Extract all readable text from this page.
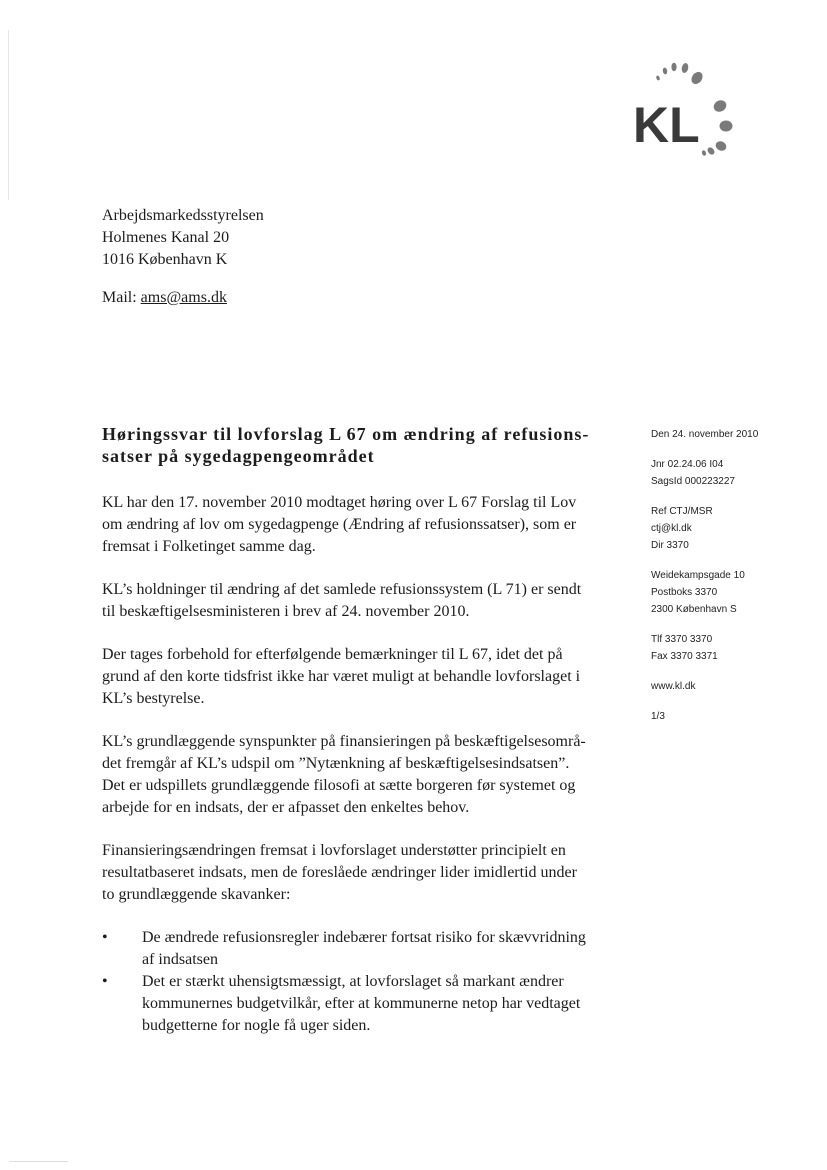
KL
Arbejdsmarkedsstyrelsen
Holmenes Kanal 20
1016 København K
Mail: ams@ams.dk
Høringssvar til lovforslag L 67 om ændring af refusions-
satser på sygedagpengeområdet
KL har den 17. november 2010 modtaget høring over L 67 Forslag til Lov
om ændring af lov om sygedagpenge (Ændring af refusionssatser), som er
fremsat i Folketinget samme dag.
KL’s holdninger til ændring af det samlede refusionssystem (L 71) er sendt
til beskæftigelsesministeren i brev af 24. november 2010.
Der tages forbehold for efterfølgende bemærkninger til L 67, idet det på
grund af den korte tidsfrist ikke har været muligt at behandle lovforslaget i
KL’s bestyrelse.
KL’s grundlæggende synspunkter på finansieringen på beskæftigelsesområ-
det fremgår af KL’s udspil om ”Nytænkning af beskæftigelsesindsatsen”.
Det er udspillets grundlæggende filosofi at sætte borgeren før systemet og
arbejde for en indsats, der er afpasset den enkeltes behov.
Finansieringsændringen fremsat i lovforslaget understøtter principielt en
resultatbaseret indsats, men de foreslåede ændringer lider imidlertid under
to grundlæggende skavanker:
• De ændrede refusionsregler indebærer fortsat risiko for skævvridning
af indsatsen
• Det er stærkt uhensigtsmæssigt, at lovforslaget så markant ændrer
kommunernes budgetvilkår, efter at kommunerne netop har vedtaget
budgetterne for nogle få uger siden.
Den 24. november 2010
Jnr 02.24.06 I04
SagsId 000223227
Ref CTJ/MSR
ctj@kl.dk
Dir 3370
Weidekampsgade 10
Postboks 3370
2300 København S
Tlf 3370 3370
Fax 3370 3371
www.kl.dk
1/3
